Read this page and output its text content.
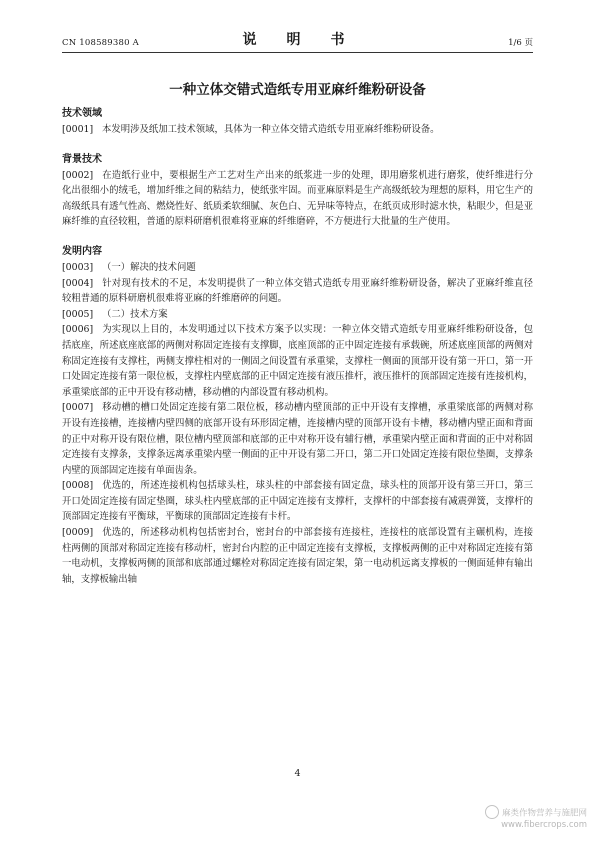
CN 108589380 A	说　明　书	1/6 页
一种立体交错式造纸专用亚麻纤维粉研设备
技术领域
[0001] 本发明涉及纸加工技术领域，具体为一种立体交错式造纸专用亚麻纤维粉研设备。
背景技术
[0002] 在造纸行业中，要根据生产工艺对生产出来的纸浆进一步的处理，即用磨浆机进行磨浆，使纤维进行分化出很细小的绒毛，增加纤维之间的粘结力，使纸张牢固。而亚麻原料是生产高级纸较为理想的原料，用它生产的高级纸具有透气性高、燃烧性好、纸质柔软细腻、灰色白、无异味等特点，在纸页成形时滤水快，粘眼少，但是亚麻纤维的直径较粗，普通的原料研磨机很难将亚麻的纤维磨碎，不方便进行大批量的生产使用。
发明内容
[0003] （一）解决的技术问题
[0004] 针对现有技术的不足，本发明提供了一种立体交错式造纸专用亚麻纤维粉研设备，解决了亚麻纤维直径较粗普通的原料研磨机很难将亚麻的纤维磨碎的问题。
[0005] （二）技术方案
[0006] 为实现以上目的，本发明通过以下技术方案予以实现：一种立体交错式造纸专用亚麻纤维粉研设备，包括底座，所述底座底部的两侧对称固定连接有支撑脚，底座顶部的正中固定连接有承载碗，所述底座顶部的两侧对称固定连接有支撑柱，两侧支撑柱相对的一侧固之间设置有承重梁，支撑柱一侧面的顶部开设有第一开口，第一开口处固定连接有第一限位板，支撑柱内壁底部的正中固定连接有液压推杆，液压推杆的顶部固定连接有连接机构，承重梁底部的正中开设有移动槽，移动槽的内部设置有移动机构。
[0007] 移动槽的槽口处固定连接有第二限位板，移动槽内壁顶部的正中开设有支撑槽，承重梁底部的两侧对称开设有连接槽，连接槽内壁四侧的底部开设有环形固定槽，连接槽内壁的顶部开设有卡槽，移动槽内壁正面和背面的正中对称开设有限位槽，限位槽内壁顶部和底部的正中对称开设有辅行槽，承重梁内壁正面和背面的正中对称固定连接有支撑条，支撑条远离承重梁内壁一侧面的正中开设有第二开口，第二开口处固定连接有限位垫圈，支撑条内壁的顶部固定连接有单面齿条。
[0008] 优选的，所述连接机构包括球头柱，球头柱的中部套接有固定盘，球头柱的顶部开设有第三开口，第三开口处固定连接有固定垫圈，球头柱内壁底部的正中固定连接有支撑杆，支撑杆的中部套接有减震弹簧，支撑杆的顶部固定连接有平衡球，平衡球的顶部固定连接有卡杆。
[0009] 优选的，所述移动机构包括密封台，密封台的中部套接有连接柱，连接柱的底部设置有主碾机构，连接柱两侧的顶部对称固定连接有移动杆，密封台内腔的正中固定连接有支撑板，支撑板两侧的正中对称固定连接有第一电动机，支撑板两侧的顶部和底部通过螺栓对称固定连接有固定架，第一电动机远离支撑板的一侧面延伸有输出轴，支撑板输出轴
4
麻类作物营养与施肥网
www.fibercrops.com
